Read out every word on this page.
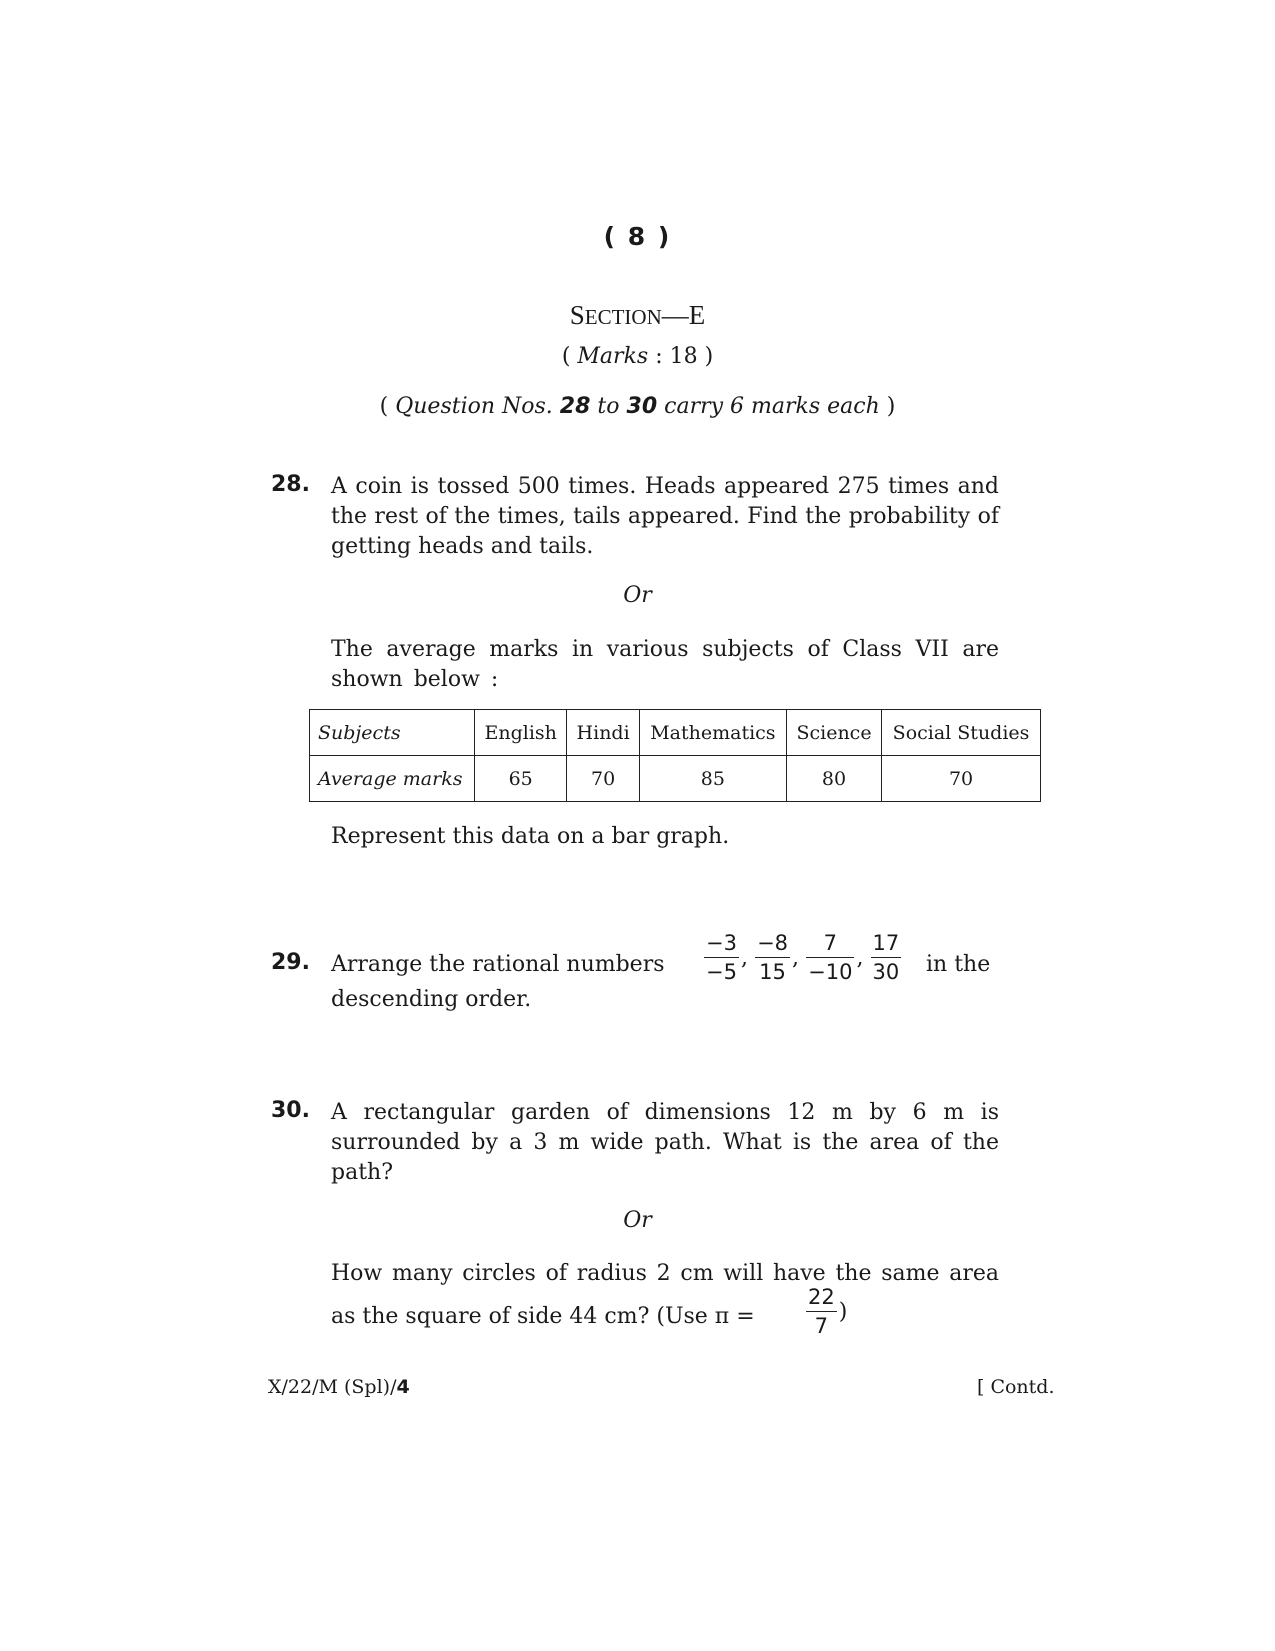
( 8 )
SECTION—E
( Marks : 18 )
( Question Nos. 28 to 30 carry 6 marks each )
28. A coin is tossed 500 times. Heads appeared 275 times and the rest of the times, tails appeared. Find the probability of getting heads and tails.
Or
The average marks in various subjects of Class VII are shown below :
Subjects	English	Hindi	Mathematics	Science	Social Studies
Average marks	65	70	85	80	70
Represent this data on a bar graph.
29. Arrange the rational numbers $\frac{-3}{-5}$ , $\frac{-8}{15}$ , $\frac{7}{-10}$ , $\frac{17}{30}$ in the
descending order.
30. A rectangular garden of dimensions 12 m by 6 m is surrounded by a 3 m wide path. What is the area of the path?
Or
How many circles of radius 2 cm will have the same area
as the square of side 44 cm? (Use $\pi = \frac{22}{7}$ )
X/22/M (Spl)/4	[ Contd.
